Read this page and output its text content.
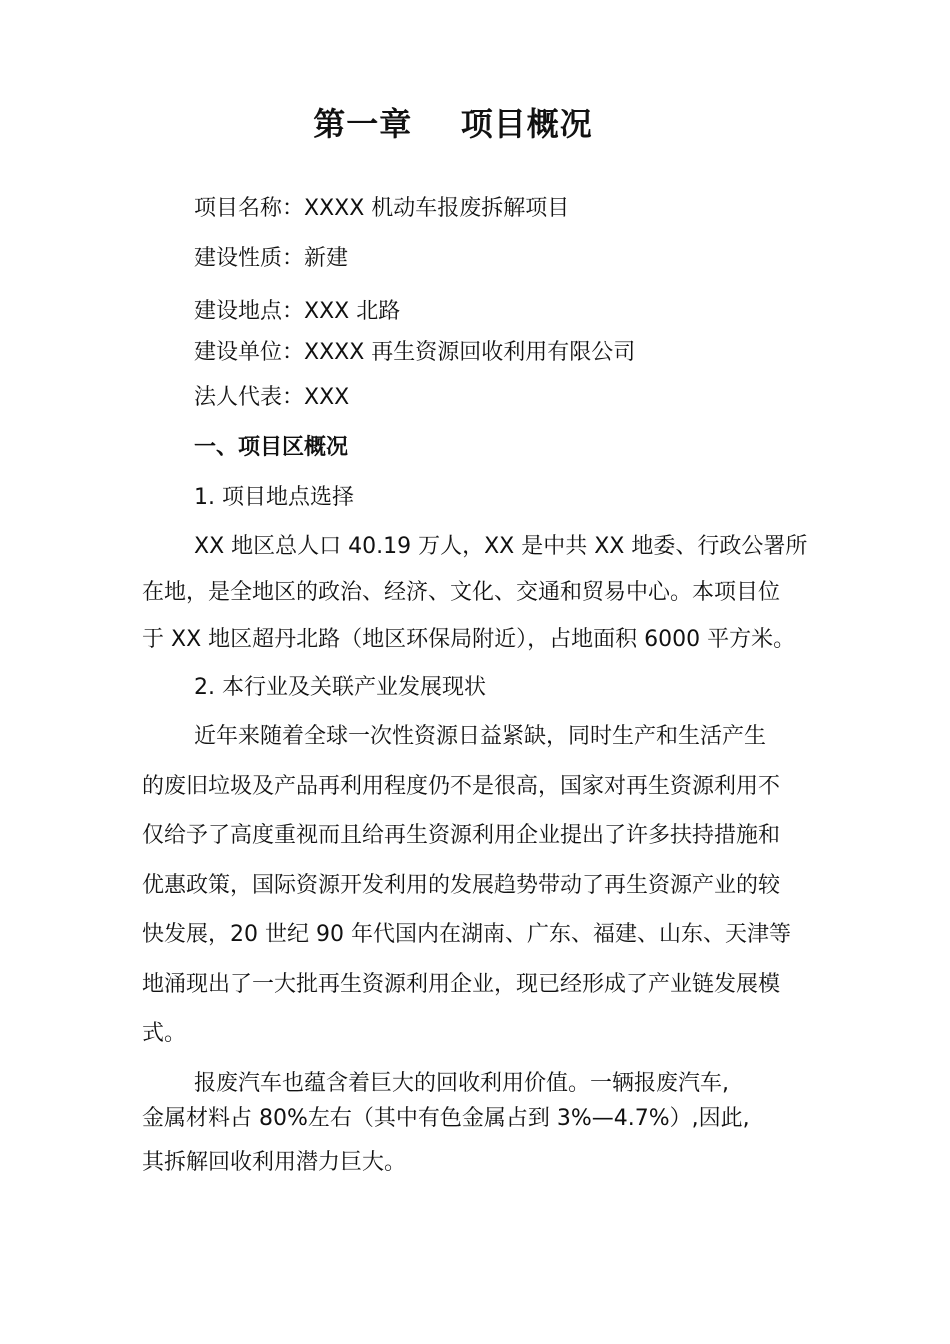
第一章    项目概况
项目名称：XXXX 机动车报废拆解项目
建设性质：新建
建设地点：XXX 北路
建设单位：XXXX 再生资源回收利用有限公司
法人代表：XXX
一、项目区概况
1. 项目地点选择
XX 地区总人口 40.19 万人，XX 是中共 XX 地委、行政公署所
在地，是全地区的政治、经济、文化、交通和贸易中心。本项目位
于 XX 地区超丹北路（地区环保局附近），占地面积 6000 平方米。
2. 本行业及关联产业发展现状
近年来随着全球一次性资源日益紧缺，同时生产和生活产生
的废旧垃圾及产品再利用程度仍不是很高，国家对再生资源利用不
仅给予了高度重视而且给再生资源利用企业提出了许多扶持措施和
优惠政策，国际资源开发利用的发展趋势带动了再生资源产业的较
快发展，20 世纪 90 年代国内在湖南、广东、福建、山东、天津等
地涌现出了一大批再生资源利用企业，现已经形成了产业链发展模
式。
报废汽车也蕴含着巨大的回收利用价值。一辆报废汽车,
金属材料占 80%左右（其中有色金属占到 3%—4.7%）,因此,
其拆解回收利用潜力巨大。
